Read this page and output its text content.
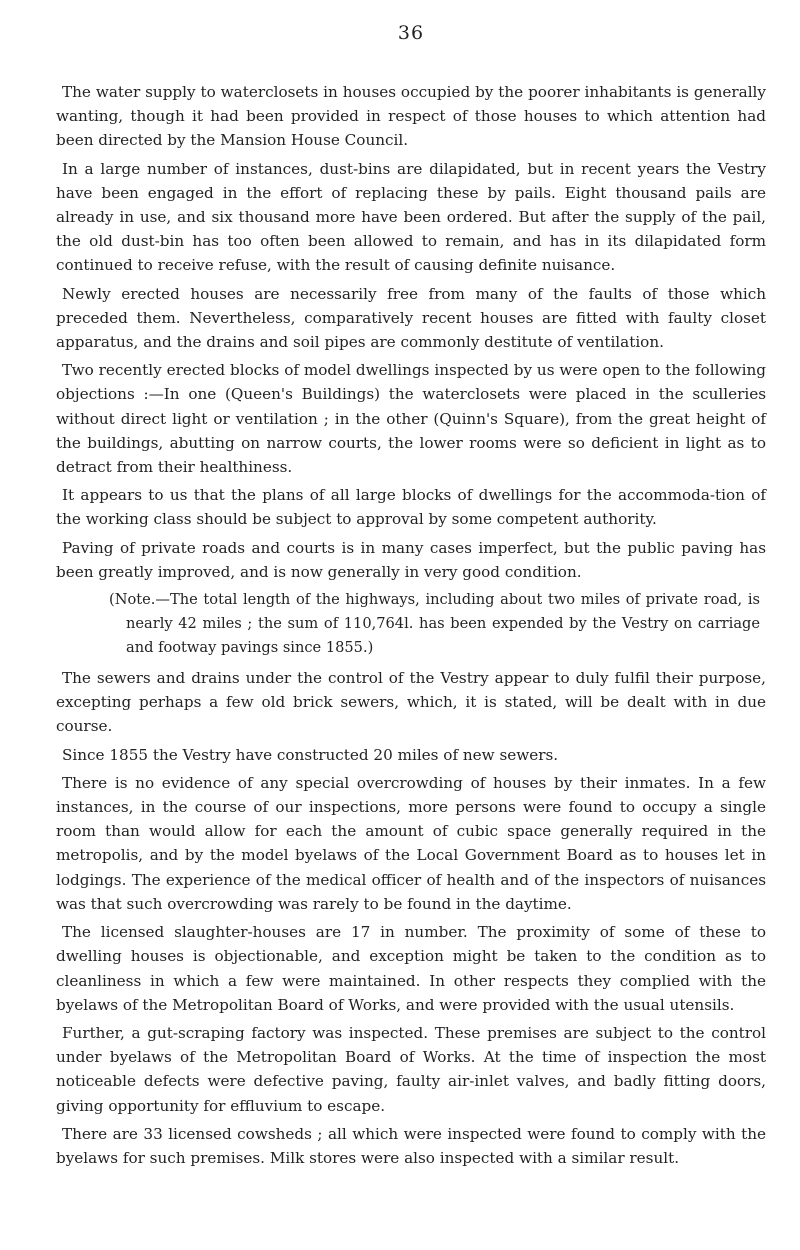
36

The water supply to waterclosets in houses occupied by the poorer inhabitants is generally wanting, though it had been provided in respect of those houses to which attention had been directed by the Mansion House Council.

In a large number of instances, dust-bins are dilapidated, but in recent years the Vestry have been engaged in the effort of replacing these by pails. Eight thousand pails are already in use, and six thousand more have been ordered. But after the supply of the pail, the old dust-bin has too often been allowed to remain, and has in its dilapidated form continued to receive refuse, with the result of causing definite nuisance.

Newly erected houses are necessarily free from many of the faults of those which preceded them. Nevertheless, comparatively recent houses are fitted with faulty closet apparatus, and the drains and soil pipes are commonly destitute of ventilation.

Two recently erected blocks of model dwellings inspected by us were open to the following objections :—In one (Queen's Buildings) the waterclosets were placed in the sculleries without direct light or ventilation ; in the other (Quinn's Square), from the great height of the buildings, abutting on narrow courts, the lower rooms were so deficient in light as to detract from their healthiness.

It appears to us that the plans of all large blocks of dwellings for the accommoda-tion of the working class should be subject to approval by some competent authority.

Paving of private roads and courts is in many cases imperfect, but the public paving has been greatly improved, and is now generally in very good condition.

(Note.—The total length of the highways, including about two miles of private road, is nearly 42 miles ; the sum of 110,764l. has been expended by the Vestry on carriage and footway pavings since 1855.)

The sewers and drains under the control of the Vestry appear to duly fulfil their purpose, excepting perhaps a few old brick sewers, which, it is stated, will be dealt with in due course.

Since 1855 the Vestry have constructed 20 miles of new sewers.

There is no evidence of any special overcrowding of houses by their inmates. In a few instances, in the course of our inspections, more persons were found to occupy a single room than would allow for each the amount of cubic space generally required in the metropolis, and by the model byelaws of the Local Government Board as to houses let in lodgings. The experience of the medical officer of health and of the inspectors of nuisances was that such overcrowding was rarely to be found in the daytime.

The licensed slaughter-houses are 17 in number. The proximity of some of these to dwelling houses is objectionable, and exception might be taken to the condition as to cleanliness in which a few were maintained. In other respects they complied with the byelaws of the Metropolitan Board of Works, and were provided with the usual utensils.

Further, a gut-scraping factory was inspected. These premises are subject to the control under byelaws of the Metropolitan Board of Works. At the time of inspection the most noticeable defects were defective paving, faulty air-inlet valves, and badly fitting doors, giving opportunity for effluvium to escape.

There are 33 licensed cowsheds ; all which were inspected were found to comply with the byelaws for such premises. Milk stores were also inspected with a similar result.
